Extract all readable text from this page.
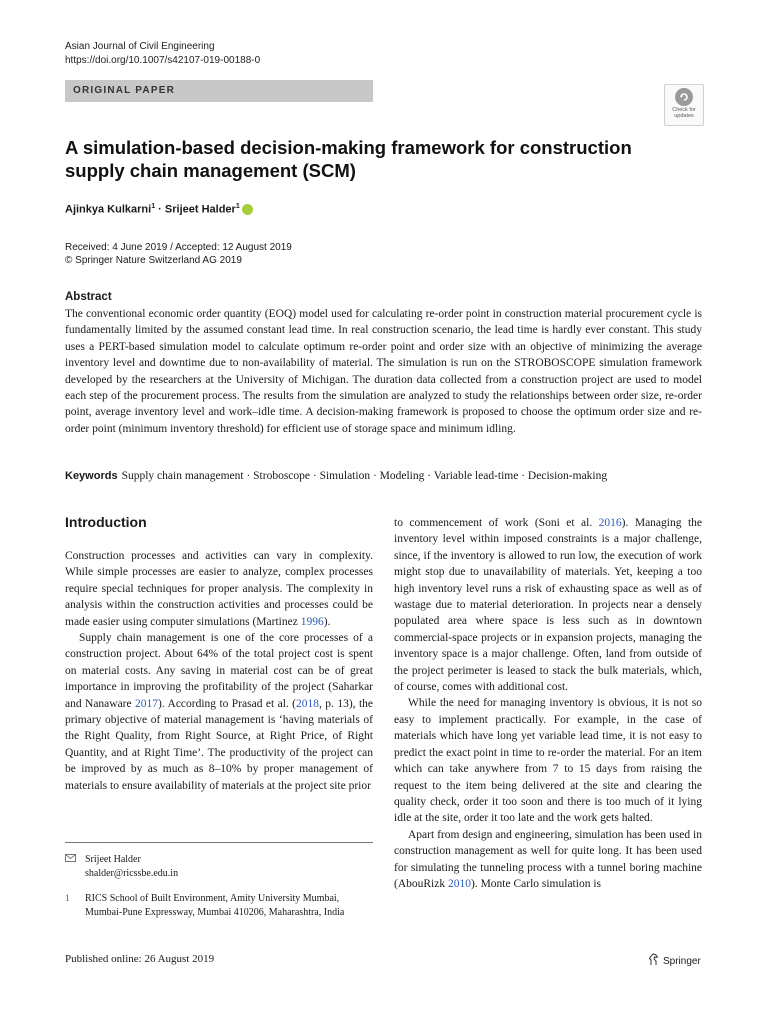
Asian Journal of Civil Engineering
https://doi.org/10.1007/s42107-019-00188-0
ORIGINAL PAPER
Check for
updates
A simulation-based decision-making framework for construction supply chain management (SCM)
Ajinkya Kulkarni$^1$ · Srijeet Halder$^1$
Received: 4 June 2019 / Accepted: 12 August 2019
© Springer Nature Switzerland AG 2019
Abstract
The conventional economic order quantity (EOQ) model used for calculating re-order point in construction material procurement cycle is fundamentally limited by the assumed constant lead time. In real construction scenario, the lead time is hardly ever constant. This study uses a PERT-based simulation model to calculate optimum re-order point and order size with an objective of minimizing the average inventory level and downtime due to non-availability of material. The simulation is run on the STROBOSCOPE simulation framework developed by the researchers at the University of Michigan. The duration data collected from a construction project are used to model each step of the procurement process. The results from the simulation are analyzed to study the relationships between order size, re-order point, average inventory level and work–idle time. A decision-making framework is proposed to choose the optimum order size and re-order point (minimum inventory threshold) for efficient use of storage space and minimum idling.
Keywords Supply chain management · Stroboscope · Simulation · Modeling · Variable lead-time · Decision-making
Introduction

Construction processes and activities can vary in complexity. While simple processes are easier to analyze, complex processes require special techniques for proper analysis. The complexity in analysis within the construction activities and processes could be made easier using computer simulations (Martinez 1996).

Supply chain management is one of the core processes of a construction project. About 64% of the total project cost is spent on material costs. Any saving in material cost can be of great importance in improving the profitability of the project (Saharkar and Nanaware 2017). According to Prasad et al. (2018, p. 13), the primary objective of material management is ‘having materials of the Right Quality, from Right Source, at Right Price, of Right Quantity, and at Right Time’. The productivity of the project can be improved by as much as 8–10% by proper management of materials to ensure availability of materials at the project site prior

to commencement of work (Soni et al. 2016). Managing the inventory level within imposed constraints is a major challenge, since, if the inventory is allowed to run low, the execution of work might stop due to unavailability of materials. Yet, keeping a too high inventory level runs a risk of exhausting space as well as of wastage due to material deterioration. In projects near a densely populated area where space is less such as in downtown commercial-space projects or in expansion projects, managing the inventory space is a major challenge. Often, land from outside of the project perimeter is leased to stack the bulk materials, which, of course, comes with additional cost.

While the need for managing inventory is obvious, it is not so easy to implement practically. For example, in the case of materials which have long yet variable lead time, it is not easy to predict the exact point in time to re-order the material. For an item which can take anywhere from 7 to 15 days from raising the request to the item being delivered at the site and clearing the quality check, order it too soon and there is too much of it lying idle at the site, order it too late and the work gets halted.

Apart from design and engineering, simulation has been used in construction management as well for quite long. It has been used for simulating the tunneling process with a tunnel boring machine (AbouRizk 2010). Monte Carlo simulation is

Srijeet Halder
shalder@ricssbe.edu.in
1	RICS School of Built Environment, Amity University Mumbai, Mumbai-Pune Expressway, Mumbai 410206, Maharashtra, India
Published online: 26 August 2019	Springer
